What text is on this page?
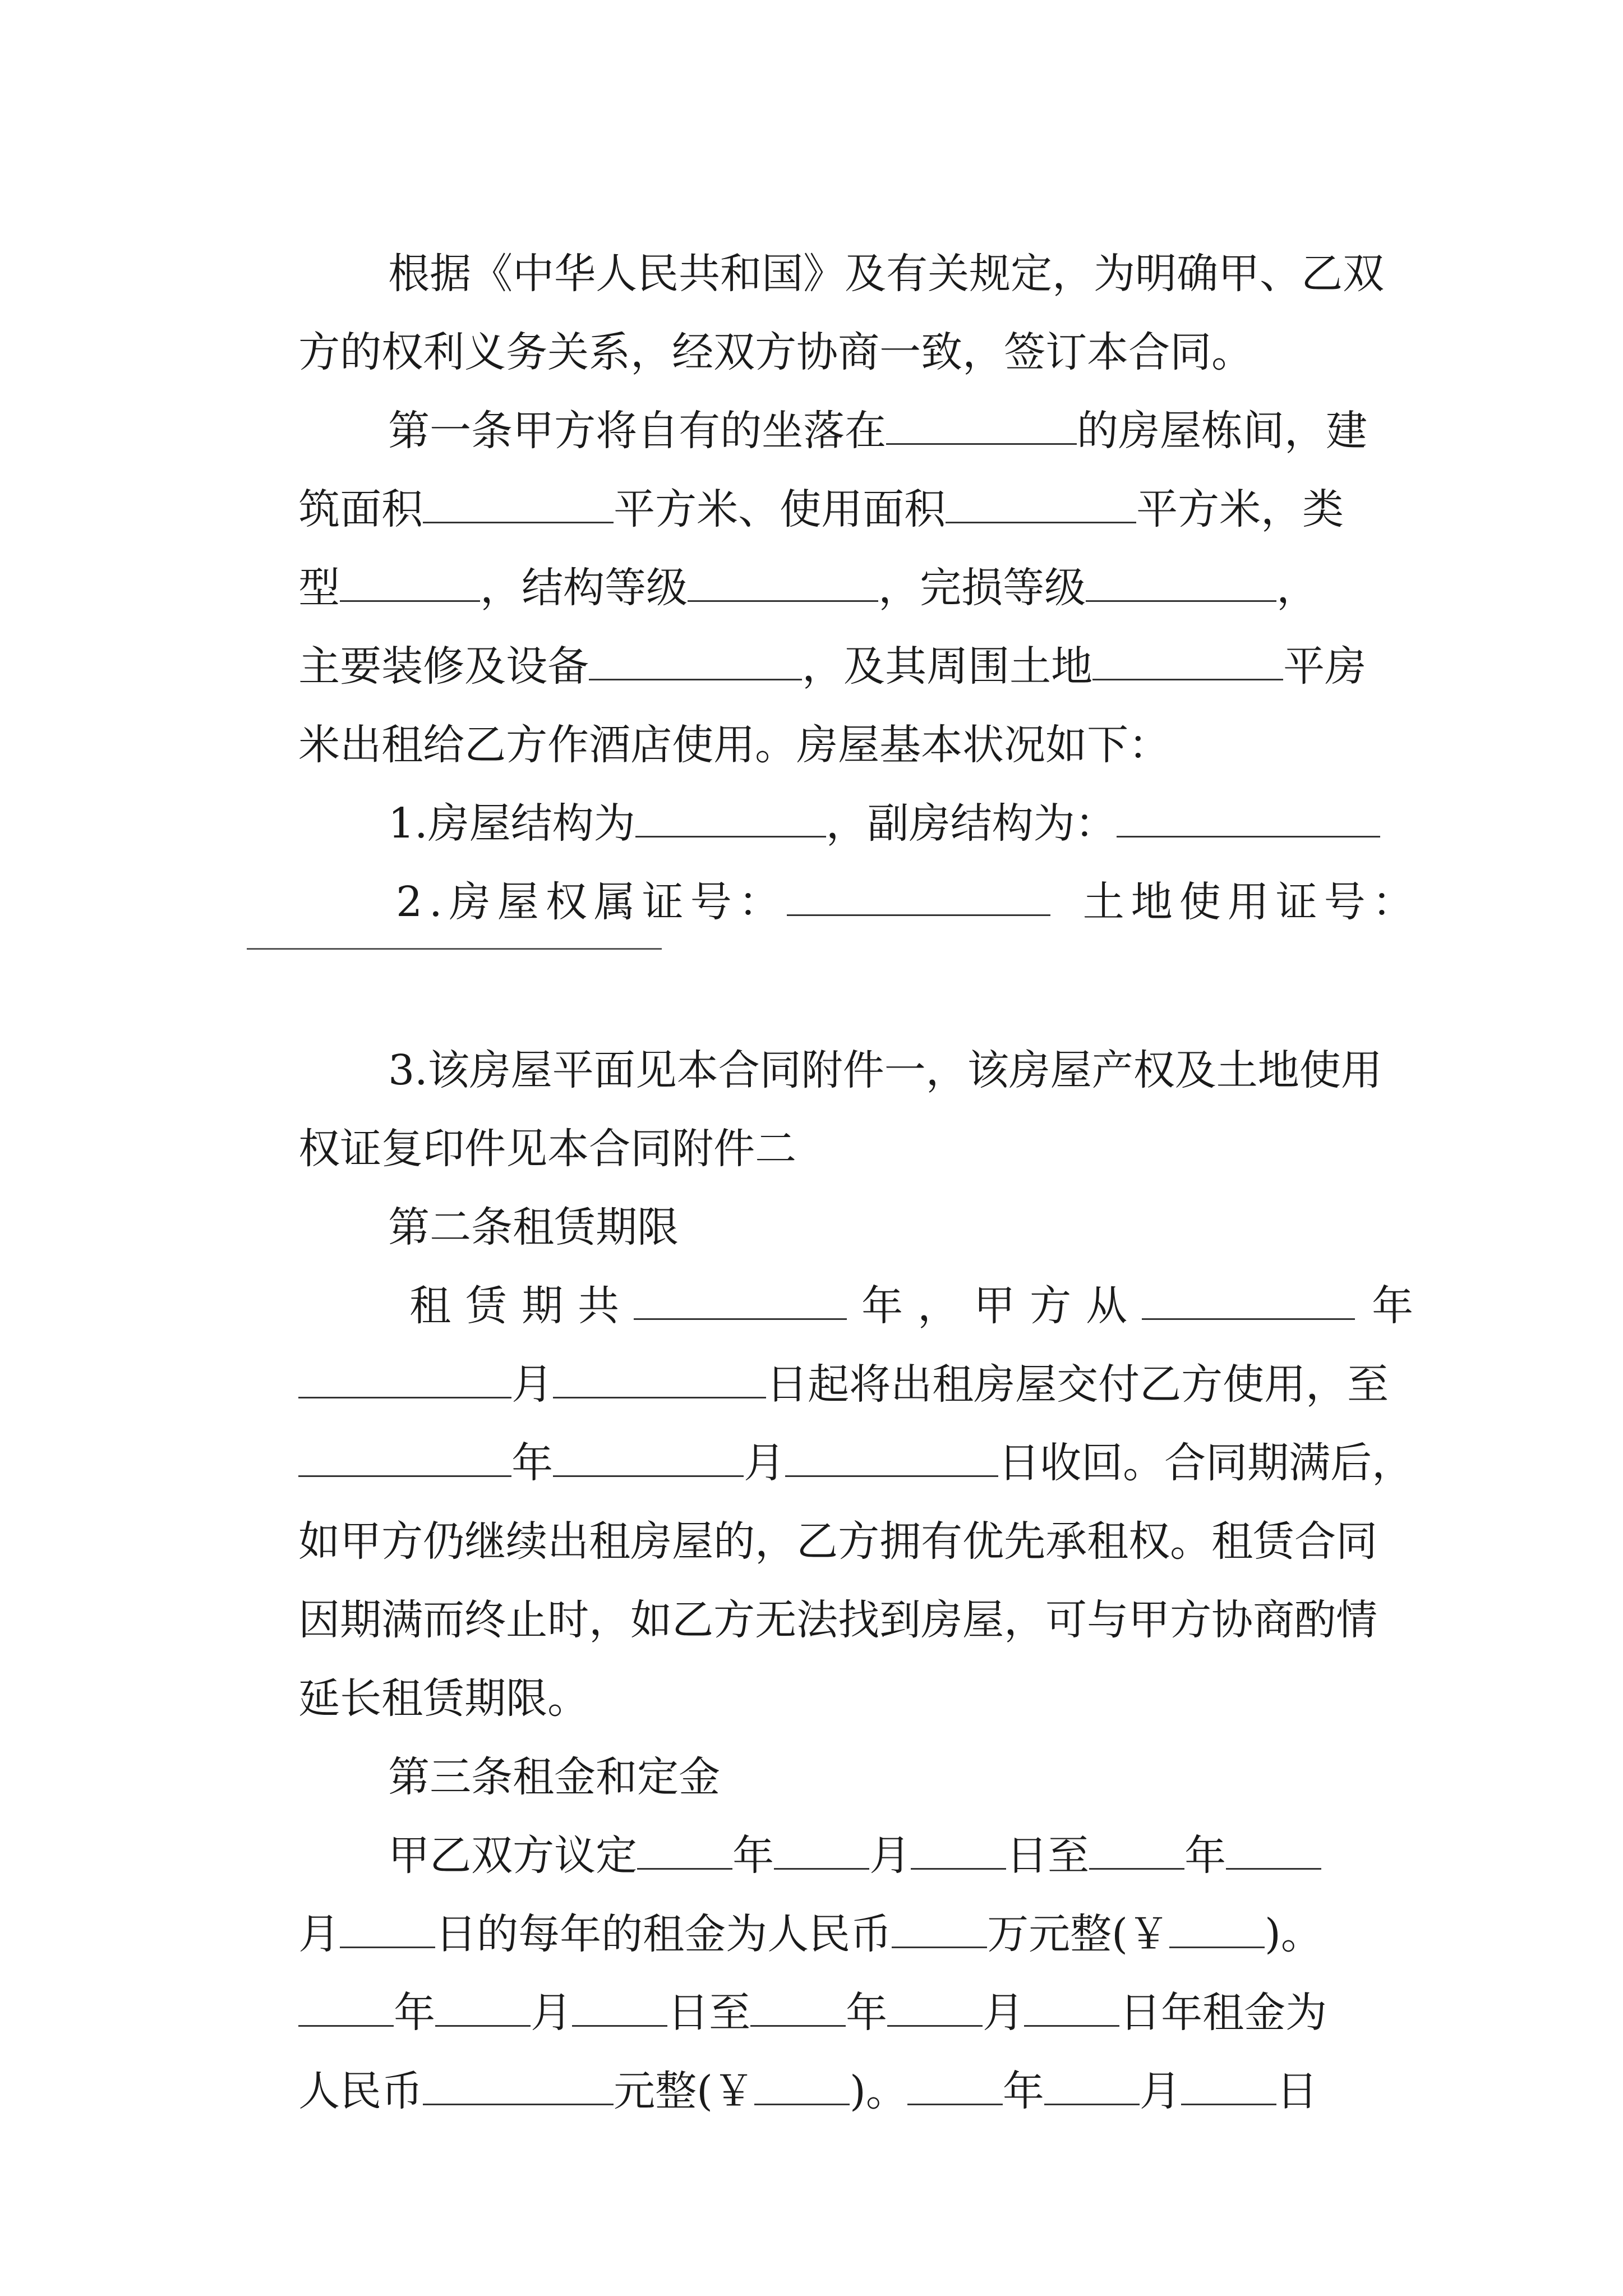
根据《中华人民共和国》及有关规定，为明确甲、乙双

方的权利义务关系，经双方协商一致，签订本合同。

第一条甲方将自有的坐落在	的房屋栋间，建

筑面积	平方米、使用面积	平方米，类

型	，结构等级	，完损等级	，

主要装修及设备	，及其周围土地	平房

米出租给乙方作酒店使用。房屋基本状况如下：

1.房屋结构为	，副房结构为：

2.房屋权属证号：	土地使用证号：

3.该房屋平面见本合同附件一，该房屋产权及土地使用

权证复印件见本合同附件二

第二条租赁期限

租赁期共	年，甲方从	年

月	日起将出租房屋交付乙方使用，至

年	月	日收回。合同期满后，

如甲方仍继续出租房屋的，乙方拥有优先承租权。租赁合同

因期满而终止时，如乙方无法找到房屋，可与甲方协商酌情

延长租赁期限。

第三条租金和定金

甲乙双方议定 年 月 日至 年

月 日的每年的租金为人民币 万元整(￥ )。

年 月 日至 年 月 日年租金为

人民币	元整(￥ )。 年 月 日
